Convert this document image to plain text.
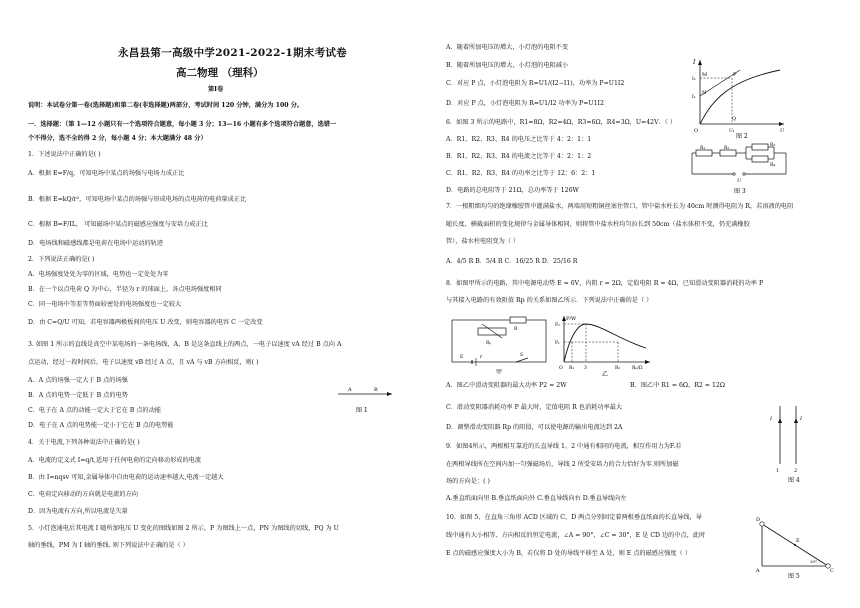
永昌县第一高级中学2021-2022-1期末考试卷
高二物理 （理科）
第Ⅰ卷
说明：本试卷分第一卷(选择题)和第二卷(非选择题)两部分，考试时间 120 分钟，满分为 100 分。
一．选择题：（第 1—12 小题只有一个选项符合题意，每小题 3 分；13—16 小题有多个选项符合题意，选错一
个不得分，选不全的得 2 分，每小题 4 分；本大题满分 48 分）
1．下述说法中正确的是( )
A．根据 E=F/q，可知电场中某点的场强与电场力成正比
B．根据 E=kQ/r²，可知电场中某点的场强与形成电场的点电荷的电荷量成正比
C．根据 B=F/IL， 可知磁场中某点的磁感应强度与安培力成正比
D．电场线和磁感线都是电荷在电场中运动的轨迹
2．下列说法正确的是( )
A．电场强度处处为零的区域，电势也一定处处为零
B．在一个以点电荷 Q 为中心，半径为 r 的球面上，各点电场强度相同
C．同一电场中等差等势面较密处的电场强度也一定较大
D．由 C=Q/U 可知，若电容器两极板间的电压 U 改变，则电容器的电容 C 一定改变
3. 如图 1 所示的直线是真空中某电场的一条电场线，A、B 是这条直线上的两点，一电子以速度 vA 经过 B 点向 A
点运动，经过一段时间后，电子以速度 vB 经过 A 点，且 vA 与 vB 方向相反，则( )
A．A 点的场强一定大于 B 点的场强
B．A 点的电势一定低于 B 点的电势
C．电子在 A 点的动能一定大于它在 B 点的动能
D．电子在 A 点的电势能一定小于它在 B 点的电势能
4．关于电流,下列各种说法中正确的是( )
A．电流的定义式 I=q/t,适用于任何电荷的定向移动形成的电流
B．由 I=nqsv 可知,金属导体中自由电荷的运动速率越大,电流一定越大
C．电荷定向移动的方向就是电流的方向
D．因为电流有方向,所以电流是矢量
5．小灯泡通电后其电流 I 随所加电压 U 变化的图线如图 2 所示，P 为图线上一点，PN 为图线的切线，PQ 为 U
轴的垂线，PM 为 I 轴的垂线. 则下列说法中正确的是（ ）
A	B
图 1
A．随着所加电压的增大，小灯泡的电阻不变
B．随着所加电压的增大，小灯泡的电阻减小
C．对应 P 点，小灯泡电阻为 R=U1/(I2−I1)，功率为 P=U1I2
D．对应 P 点，小灯泡电阻为 R=U1/I2 功率为 P=U1I2
6．如图 3 所示的电路中，R1=8Ω，R2=4Ω，R3=6Ω，R4=3Ω，U=42V．（ ）
A．R1、R2、R3、R4 的电压之比等于 4：2：1：1
B．R1、R2、R3、R4 的电流之比等于 4：2：1：2
C．R1、R2、R3、R4 的功率之比等于 12：6：2：1
D．电路的总电阻等于 21Ω，总功率等于 126W
7．一根粗细均匀的绝缘橡胶管中灌满盐水，两端用短粗铜丝塞住管口，管中盐水柱长为 40cm 时测得电阻为 R，若溶液的电阻
随长度、横截面积的变化规律与金属导体相同，则将管中盐水柱均匀拉长到 50cm（盐水体积不变，仍充满橡胶
管），盐水柱电阻变为（ ）
A．4/5 R B．5/4 R C．16/25 R D．25/16 R
8．如图甲所示的电路，其中电源电动势 E = 6V，内阻 r = 2Ω，定值电阻 R = 4Ω，已知滑动变阻器消耗的功率 P
与其接入电路的有效阻值 Rp 的关系如图乙所示．下列说法中正确的是（ ）
A．图乙中滑动变阻器的最大功率 P2 = 2W	B．图乙中 R1 = 6Ω，R2 = 12Ω
C．滑动变阻器消耗功率 P 最大时，定值电阻 R 也消耗功率最大
D．调整滑动变阻器 Rp 的阻值，可以使电源的输出电流达到 2A
9．如图4所示，两根相互靠近的长直导线 1、2 中通有相同的电流，相互作用力为F.若
在两根导线所在空间内加一匀强磁场后，导线 2 所受安培力的合力恰好为零.则所加磁
场的方向是：( )
A.垂直纸面向里 B.垂直纸面向外 C.垂直导线向右 D.垂直导线向左
10．如图 5，在直角三角形 ACD 区域的 C、D 两点分别固定着两根垂直纸面的长直导线，导
线中通有大小相等、方向相反的恒定电流，∠A = 90°，∠C = 30°，E 是 CD 边的中点，此时
E 点的磁感应强度大小为 B，若仅将 D 处的导线平移至 A 处，则 E 点的磁感应强度（ ）
I
I₂
I₁
M	P
N
Q
O	U₁	U
图 2
R₁	R₂
R₃
R₄
U
图 3
Rₚ
R
E	r	S
甲
P/W
P₂
P₁
O R₁ 3	R₂	Rₚ/Ω
乙
I	I
1	2
图 4
D
E
A	C
30°
图 5
